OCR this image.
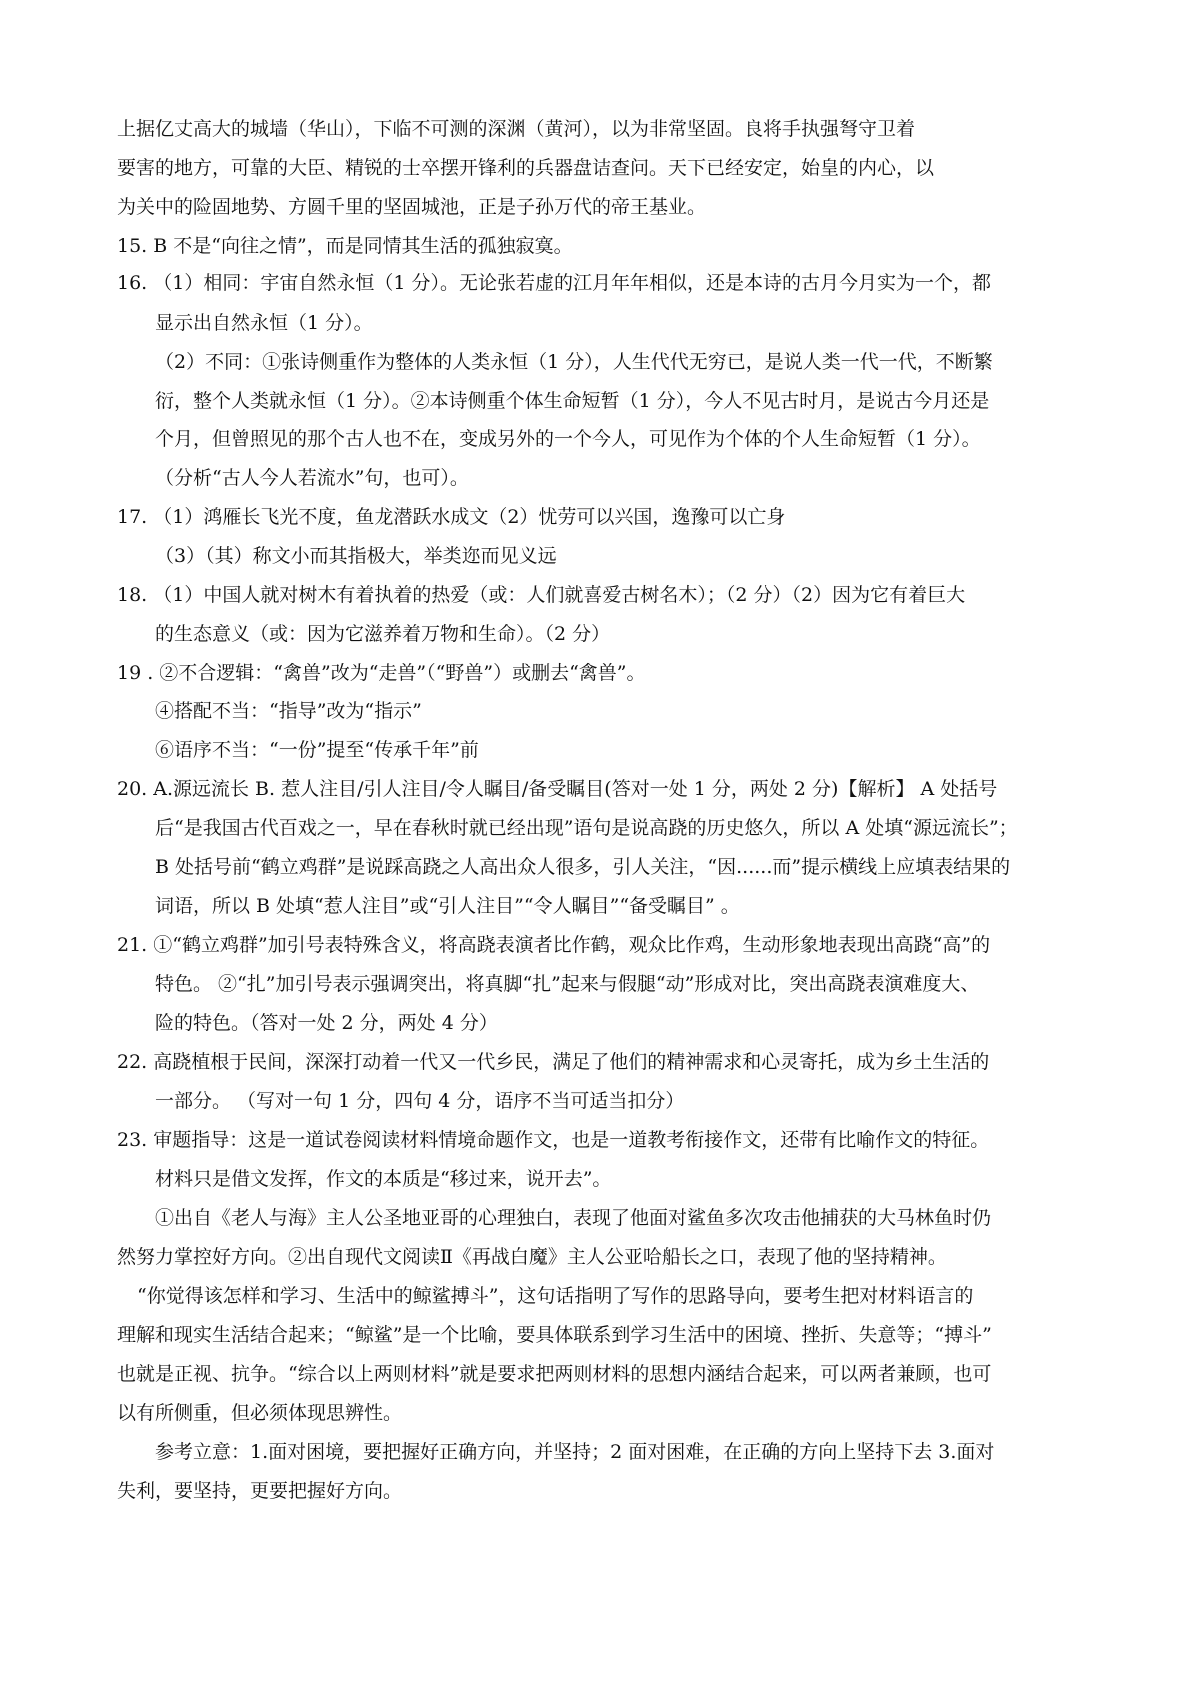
上据亿丈高大的城墙（华山），下临不可测的深渊（黄河），以为非常坚固。良将手执强弩守卫着
要害的地方，可靠的大臣、精锐的士卒摆开锋利的兵器盘诘查问。天下已经安定，始皇的内心，以
为关中的险固地势、方圆千里的坚固城池，正是子孙万代的帝王基业。
15. B 不是“向往之情”，而是同情其生活的孤独寂寞。
16. （1）相同：宇宙自然永恒（1 分）。无论张若虚的江月年年相似，还是本诗的古月今月实为一个，都
显示出自然永恒（1 分）。
（2）不同：①张诗侧重作为整体的人类永恒（1 分），人生代代无穷已，是说人类一代一代，不断繁
衍，整个人类就永恒（1 分）。②本诗侧重个体生命短暂（1 分），今人不见古时月，是说古今月还是
个月，但曾照见的那个古人也不在，变成另外的一个今人，可见作为个体的个人生命短暂（1 分）。
（分析“古人今人若流水”句，也可）。
17. （1）鸿雁长飞光不度，鱼龙潜跃水成文（2）忧劳可以兴国，逸豫可以亡身
（3）（其）称文小而其指极大，举类迩而见义远
18. （1）中国人就对树木有着执着的热爱（或：人们就喜爱古树名木）；（2 分）（2）因为它有着巨大
的生态意义（或：因为它滋养着万物和生命）。（2 分）
19 . ②不合逻辑：“禽兽”改为“走兽”（“野兽”）或删去“禽兽”。
④搭配不当：“指导”改为“指示”
⑥语序不当：“一份”提至“传承千年”前
20. A.源远流长 B. 惹人注目/引人注目/令人瞩目/备受瞩目(答对一处 1 分，两处 2 分)【解析】 A 处括号
后“是我国古代百戏之一，早在春秋时就已经出现”语句是说高跷的历史悠久，所以 A 处填“源远流长”；
B 处括号前“鹤立鸡群”是说踩高跷之人高出众人很多，引人关注，“因......而”提示横线上应填表结果的
词语，所以 B 处填“惹人注目”或“引人注目”“令人瞩目”“备受瞩目” 。
21. ①“鹤立鸡群”加引号表特殊含义，将高跷表演者比作鹤，观众比作鸡，生动形象地表现出高跷“高”的
特色。 ②“扎”加引号表示强调突出，将真脚“扎”起来与假腿“动”形成对比，突出高跷表演难度大、
险的特色。（答对一处 2 分，两处 4 分）
22. 高跷植根于民间，深深打动着一代又一代乡民，满足了他们的精神需求和心灵寄托，成为乡土生活的
一部分。 （写对一句 1 分，四句 4 分，语序不当可适当扣分）
23. 审题指导：这是一道试卷阅读材料情境命题作文，也是一道教考衔接作文，还带有比喻作文的特征。
材料只是借文发挥，作文的本质是“移过来，说开去”。
①出自《老人与海》主人公圣地亚哥的心理独白，表现了他面对鲨鱼多次攻击他捕获的大马林鱼时仍
然努力掌控好方向。②出自现代文阅读Ⅱ《再战白魔》主人公亚哈船长之口，表现了他的坚持精神。
“你觉得该怎样和学习、生活中的鲸鲨搏斗”，这句话指明了写作的思路导向，要考生把对材料语言的
理解和现实生活结合起来；“鲸鲨”是一个比喻，要具体联系到学习生活中的困境、挫折、失意等；“搏斗”
也就是正视、抗争。“综合以上两则材料”就是要求把两则材料的思想内涵结合起来，可以两者兼顾，也可
以有所侧重，但必须体现思辨性。
参考立意：1.面对困境，要把握好正确方向，并坚持；2 面对困难，在正确的方向上坚持下去 3.面对
失利，要坚持，更要把握好方向。
